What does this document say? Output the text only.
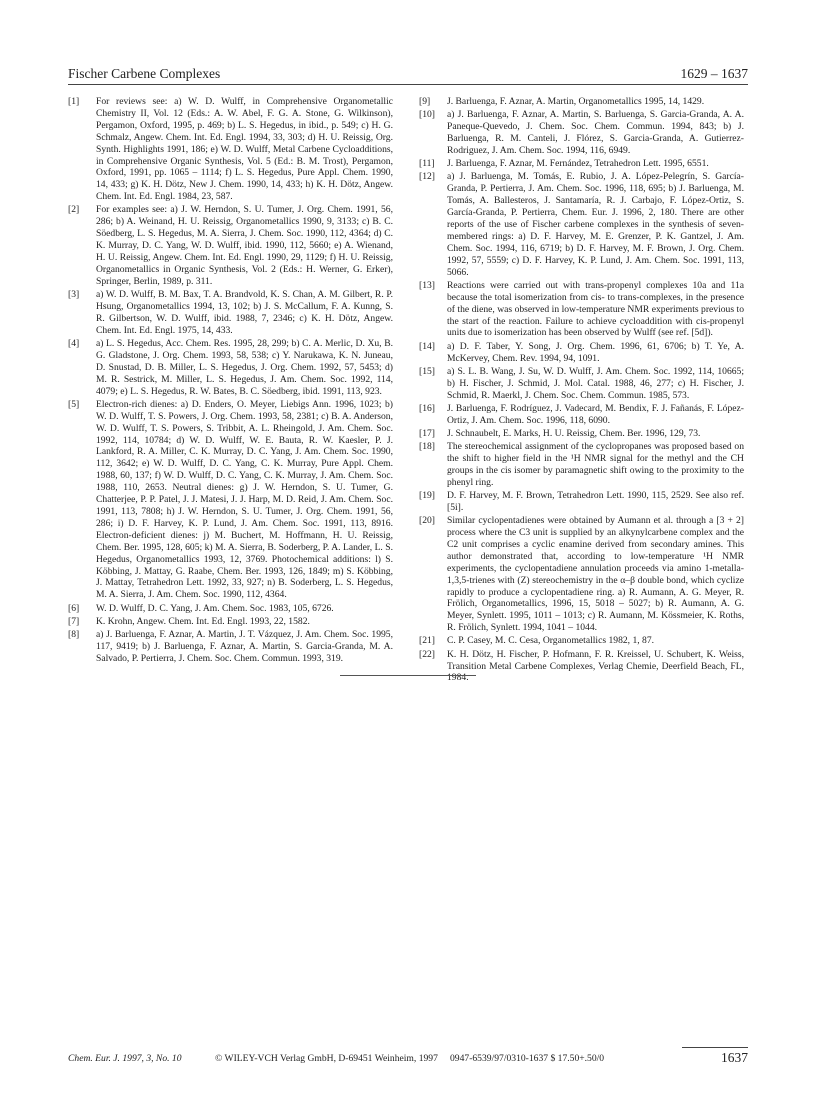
Fischer Carbene Complexes	1629 – 1637
[1]	For reviews see: a) W. D. Wulff, in Comprehensive Organometallic Chemistry II, Vol. 12 (Eds.: A. W. Abel, F. G. A. Stone, G. Wilkinson), Pergamon, Oxford, 1995, p. 469; b) L. S. Hegedus, in ibid., p. 549; c) H. G. Schmalz, Angew. Chem. Int. Ed. Engl. 1994, 33, 303; d) H. U. Reissig, Org. Synth. Highlights 1991, 186; e) W. D. Wulff, Metal Carbene Cycloadditions, in Comprehensive Organic Synthesis, Vol. 5 (Ed.: B. M. Trost), Pergamon, Oxford, 1991, pp. 1065 – 1114; f) L. S. Hegedus, Pure Appl. Chem. 1990, 14, 433; g) K. H. Dötz, New J. Chem. 1990, 14, 433; h) K. H. Dötz, Angew. Chem. Int. Ed. Engl. 1984, 23, 587.
[2]	For examples see: a) J. W. Herndon, S. U. Tumer, J. Org. Chem. 1991, 56, 286; b) A. Weinand, H. U. Reissig, Organometallics 1990, 9, 3133; c) B. C. Söedberg, L. S. Hegedus, M. A. Sierra, J. Chem. Soc. 1990, 112, 4364; d) C. K. Murray, D. C. Yang, W. D. Wulff, ibid. 1990, 112, 5660; e) A. Wienand, H. U. Reissig, Angew. Chem. Int. Ed. Engl. 1990, 29, 1129; f) H. U. Reissig, Organometallics in Organic Synthesis, Vol. 2 (Eds.: H. Werner, G. Erker), Springer, Berlin, 1989, p. 311.
[3]	a) W. D. Wulff, B. M. Bax, T. A. Brandvold, K. S. Chan, A. M. Gilbert, R. P. Hsung, Organometallics 1994, 13, 102; b) J. S. McCallum, F. A. Kunng, S. R. Gilbertson, W. D. Wulff, ibid. 1988, 7, 2346; c) K. H. Dötz, Angew. Chem. Int. Ed. Engl. 1975, 14, 433.
[4]	a) L. S. Hegedus, Acc. Chem. Res. 1995, 28, 299; b) C. A. Merlic, D. Xu, B. G. Gladstone, J. Org. Chem. 1993, 58, 538; c) Y. Narukawa, K. N. Juneau, D. Snustad, D. B. Miller, L. S. Hegedus, J. Org. Chem. 1992, 57, 5453; d) M. R. Sestrick, M. Miller, L. S. Hegedus, J. Am. Chem. Soc. 1992, 114, 4079; e) L. S. Hegedus, R. W. Bates, B. C. Söedberg, ibid. 1991, 113, 923.
[5]	Electron-rich dienes: a) D. Enders, O. Meyer, Liebigs Ann. 1996, 1023; b) W. D. Wulff, T. S. Powers, J. Org. Chem. 1993, 58, 2381; c) B. A. Anderson, W. D. Wulff, T. S. Powers, S. Tribbit, A. L. Rheingold, J. Am. Chem. Soc. 1992, 114, 10784; d) W. D. Wulff, W. E. Bauta, R. W. Kaesler, P. J. Lankford, R. A. Miller, C. K. Murray, D. C. Yang, J. Am. Chem. Soc. 1990, 112, 3642; e) W. D. Wulff, D. C. Yang, C. K. Murray, Pure Appl. Chem. 1988, 60, 137; f) W. D. Wulff, D. C. Yang, C. K. Murray, J. Am. Chem. Soc. 1988, 110, 2653. Neutral dienes: g) J. W. Herndon, S. U. Tumer, G. Chatterjee, P. P. Patel, J. J. Matesi, J. J. Harp, M. D. Reid, J. Am. Chem. Soc. 1991, 113, 7808; h) J. W. Herndon, S. U. Tumer, J. Org. Chem. 1991, 56, 286; i) D. F. Harvey, K. P. Lund, J. Am. Chem. Soc. 1991, 113, 8916. Electron-deficient dienes: j) M. Buchert, M. Hoffmann, H. U. Reissig, Chem. Ber. 1995, 128, 605; k) M. A. Sierra, B. Soderberg, P. A. Lander, L. S. Hegedus, Organometallics 1993, 12, 3769. Photochemical additions: l) S. Köbbing, J. Mattay, G. Raabe, Chem. Ber. 1993, 126, 1849; m) S. Köbbing, J. Mattay, Tetrahedron Lett. 1992, 33, 927; n) B. Soderberg, L. S. Hegedus, M. A. Sierra, J. Am. Chem. Soc. 1990, 112, 4364.
[6]	W. D. Wulff, D. C. Yang, J. Am. Chem. Soc. 1983, 105, 6726.
[7]	K. Krohn, Angew. Chem. Int. Ed. Engl. 1993, 22, 1582.
[8]	a) J. Barluenga, F. Aznar, A. Martin, J. T. Vázquez, J. Am. Chem. Soc. 1995, 117, 9419; b) J. Barluenga, F. Aznar, A. Martin, S. Garcia-Granda, M. A. Salvado, P. Pertierra, J. Chem. Soc. Chem. Commun. 1993, 319.
[9]	J. Barluenga, F. Aznar, A. Martin, Organometallics 1995, 14, 1429.
[10]	a) J. Barluenga, F. Aznar, A. Martin, S. Barluenga, S. Garcia-Granda, A. A. Paneque-Quevedo, J. Chem. Soc. Chem. Commun. 1994, 843; b) J. Barluenga, R. M. Canteli, J. Flórez, S. Garcia-Granda, A. Gutierrez-Rodriguez, J. Am. Chem. Soc. 1994, 116, 6949.
[11]	J. Barluenga, F. Aznar, M. Fernández, Tetrahedron Lett. 1995, 6551.
[12]	a) J. Barluenga, M. Tomás, E. Rubio, J. A. López-Pelegrín, S. García-Granda, P. Pertierra, J. Am. Chem. Soc. 1996, 118, 695; b) J. Barluenga, M. Tomás, A. Ballesteros, J. Santamaría, R. J. Carbajo, F. López-Ortiz, S. García-Granda, P. Pertierra, Chem. Eur. J. 1996, 2, 180. There are other reports of the use of Fischer carbene complexes in the synthesis of seven-membered rings: a) D. F. Harvey, M. E. Grenzer, P. K. Gantzel, J. Am. Chem. Soc. 1994, 116, 6719; b) D. F. Harvey, M. F. Brown, J. Org. Chem. 1992, 57, 5559; c) D. F. Harvey, K. P. Lund, J. Am. Chem. Soc. 1991, 113, 5066.
[13]	Reactions were carried out with trans-propenyl complexes 10a and 11a because the total isomerization from cis- to trans-complexes, in the presence of the diene, was observed in low-temperature NMR experiments previous to the start of the reaction. Failure to achieve cycloaddition with cis-propenyl units due to isomerization has been observed by Wulff (see ref. [5d]).
[14]	a) D. F. Taber, Y. Song, J. Org. Chem. 1996, 61, 6706; b) T. Ye, A. McKervey, Chem. Rev. 1994, 94, 1091.
[15]	a) S. L. B. Wang, J. Su, W. D. Wulff, J. Am. Chem. Soc. 1992, 114, 10665; b) H. Fischer, J. Schmid, J. Mol. Catal. 1988, 46, 277; c) H. Fischer, J. Schmid, R. Maerkl, J. Chem. Soc. Chem. Commun. 1985, 573.
[16]	J. Barluenga, F. Rodríguez, J. Vadecard, M. Bendix, F. J. Fañanás, F. López-Ortiz, J. Am. Chem. Soc. 1996, 118, 6090.
[17]	J. Schnaubelt, E. Marks, H. U. Reissig, Chem. Ber. 1996, 129, 73.
[18]	The stereochemical assignment of the cyclopropanes was proposed based on the shift to higher field in the ¹H NMR signal for the methyl and the CH groups in the cis isomer by paramagnetic shift owing to the proximity to the phenyl ring.
[19]	D. F. Harvey, M. F. Brown, Tetrahedron Lett. 1990, 115, 2529. See also ref. [5i].
[20]	Similar cyclopentadienes were obtained by Aumann et al. through a [3 + 2] process where the C3 unit is supplied by an alkynylcarbene complex and the C2 unit comprises a cyclic enamine derived from secondary amines. This author demonstrated that, according to low-temperature ¹H NMR experiments, the cyclopentadiene annulation proceeds via amino 1-metalla-1,3,5-trienes with (Z) stereochemistry in the α–β double bond, which cyclize rapidly to produce a cyclopentadiene ring. a) R. Aumann, A. G. Meyer, R. Frölich, Organometallics, 1996, 15, 5018 – 5027; b) R. Aumann, A. G. Meyer, Synlett. 1995, 1011 – 1013; c) R. Aumann, M. Kössmeier, K. Roths, R. Frölich, Synlett. 1994, 1041 – 1044.
[21]	C. P. Casey, M. C. Cesa, Organometallics 1982, 1, 87.
[22]	K. H. Dötz, H. Fischer, P. Hofmann, F. R. Kreissel, U. Schubert, K. Weiss, Transition Metal Carbene Complexes, Verlag Chemie, Deerfield Beach, FL, 1984.
Chem. Eur. J. 1997, 3, No. 10	© WILEY-VCH Verlag GmbH, D-69451 Weinheim, 1997 0947-6539/97/0310-1637 $ 17.50+.50/0	1637
